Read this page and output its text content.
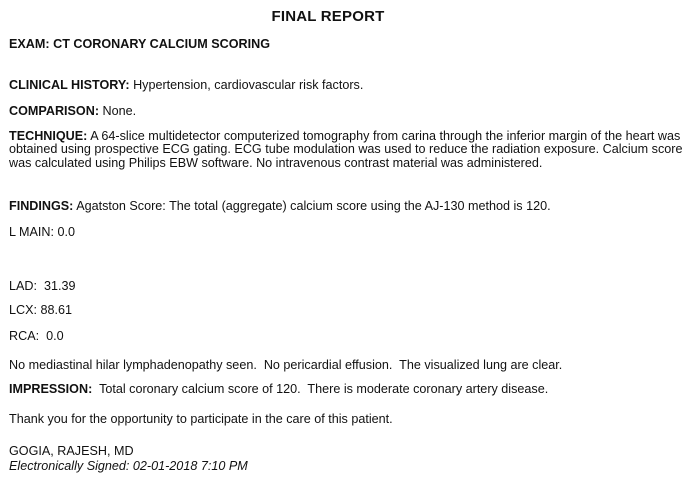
FINAL REPORT
EXAM: CT CORONARY CALCIUM SCORING
CLINICAL HISTORY: Hypertension, cardiovascular risk factors.
COMPARISON: None.
TECHNIQUE: A 64-slice multidetector computerized tomography from carina through the inferior margin of the heart was obtained using prospective ECG gating. ECG tube modulation was used to reduce the radiation exposure. Calcium score was calculated using Philips EBW software. No intravenous contrast material was administered.
FINDINGS: Agatston Score: The total (aggregate) calcium score using the AJ-130 method is 120.
L MAIN: 0.0
LAD:  31.39
LCX: 88.61
RCA:  0.0
No mediastinal hilar lymphadenopathy seen.  No pericardial effusion.  The visualized lung are clear.
IMPRESSION: Total coronary calcium score of 120.  There is moderate coronary artery disease.
Thank you for the opportunity to participate in the care of this patient.
GOGIA, RAJESH, MD
Electronically Signed: 02-01-2018 7:10 PM
